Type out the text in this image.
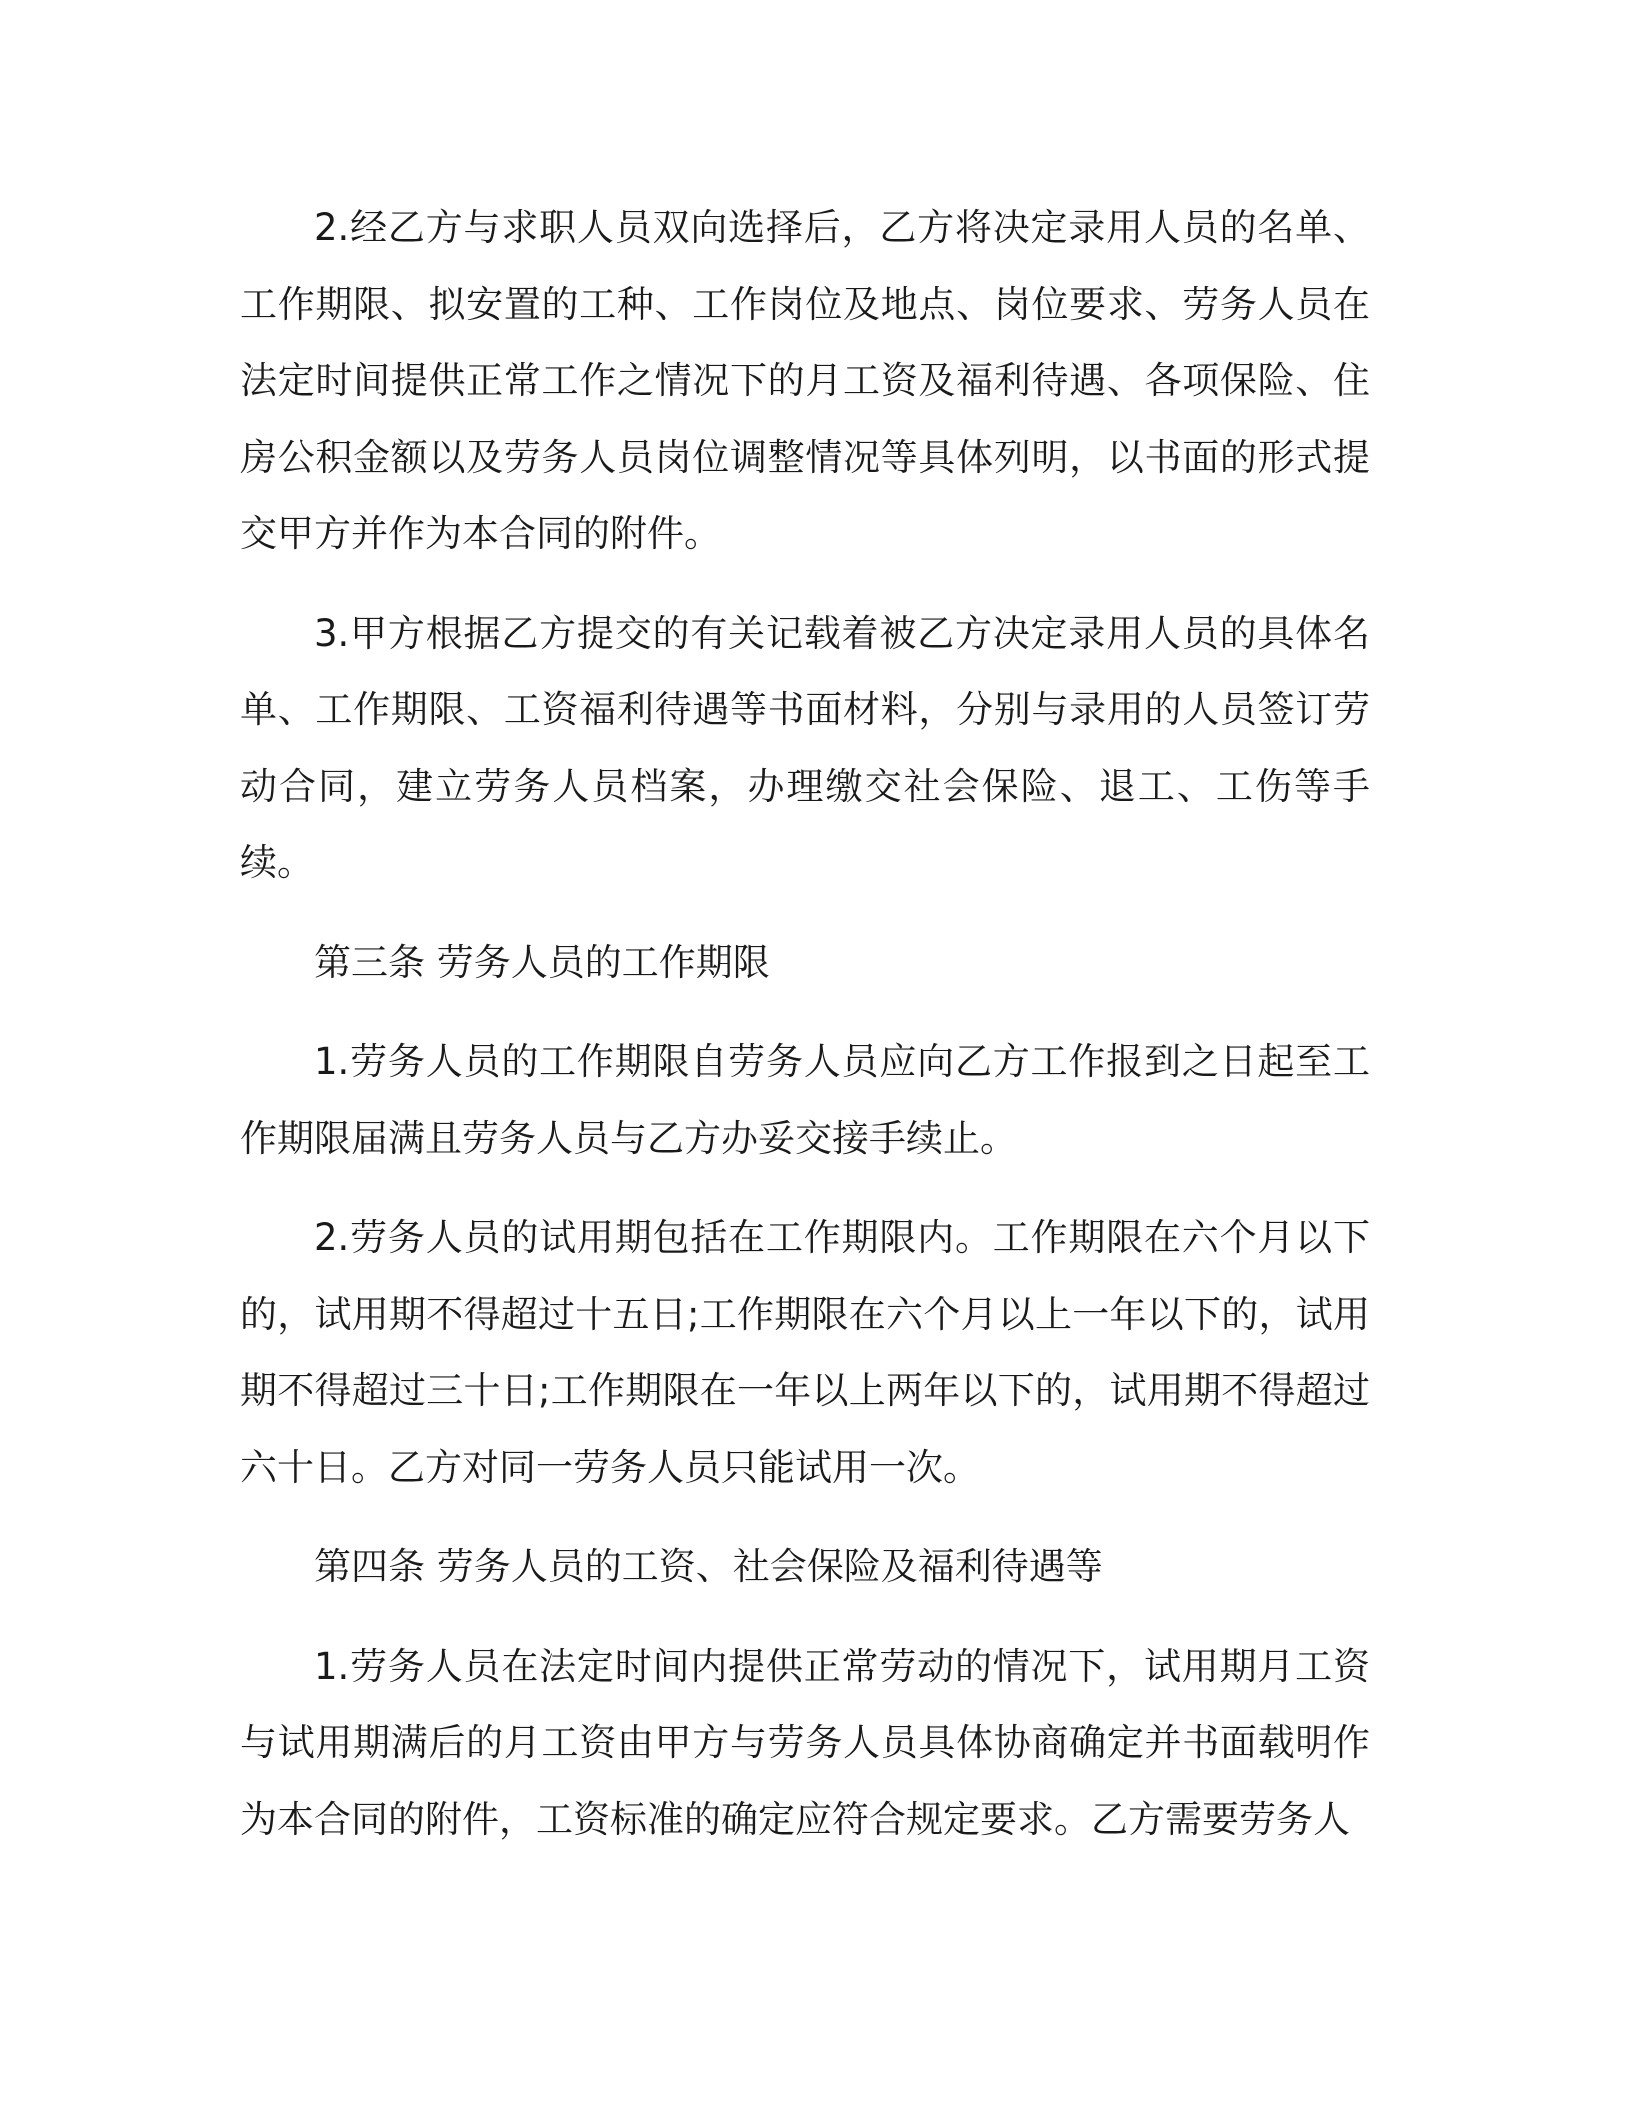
2.经乙方与求职人员双向选择后，乙方将决定录用人员的名单、工作期限、拟安置的工种、工作岗位及地点、岗位要求、劳务人员在法定时间提供正常工作之情况下的月工资及福利待遇、各项保险、住房公积金额以及劳务人员岗位调整情况等具体列明，以书面的形式提交甲方并作为本合同的附件。

3.甲方根据乙方提交的有关记载着被乙方决定录用人员的具体名单、工作期限、工资福利待遇等书面材料，分别与录用的人员签订劳动合同，建立劳务人员档案，办理缴交社会保险、退工、工伤等手续。

第三条 劳务人员的工作期限

1.劳务人员的工作期限自劳务人员应向乙方工作报到之日起至工作期限届满且劳务人员与乙方办妥交接手续止。

2.劳务人员的试用期包括在工作期限内。工作期限在六个月以下的，试用期不得超过十五日;工作期限在六个月以上一年以下的，试用期不得超过三十日;工作期限在一年以上两年以下的，试用期不得超过六十日。乙方对同一劳务人员只能试用一次。

第四条 劳务人员的工资、社会保险及福利待遇等

1.劳务人员在法定时间内提供正常劳动的情况下，试用期月工资与试用期满后的月工资由甲方与劳务人员具体协商确定并书面载明作为本合同的附件，工资标准的确定应符合规定要求。乙方需要劳务人
